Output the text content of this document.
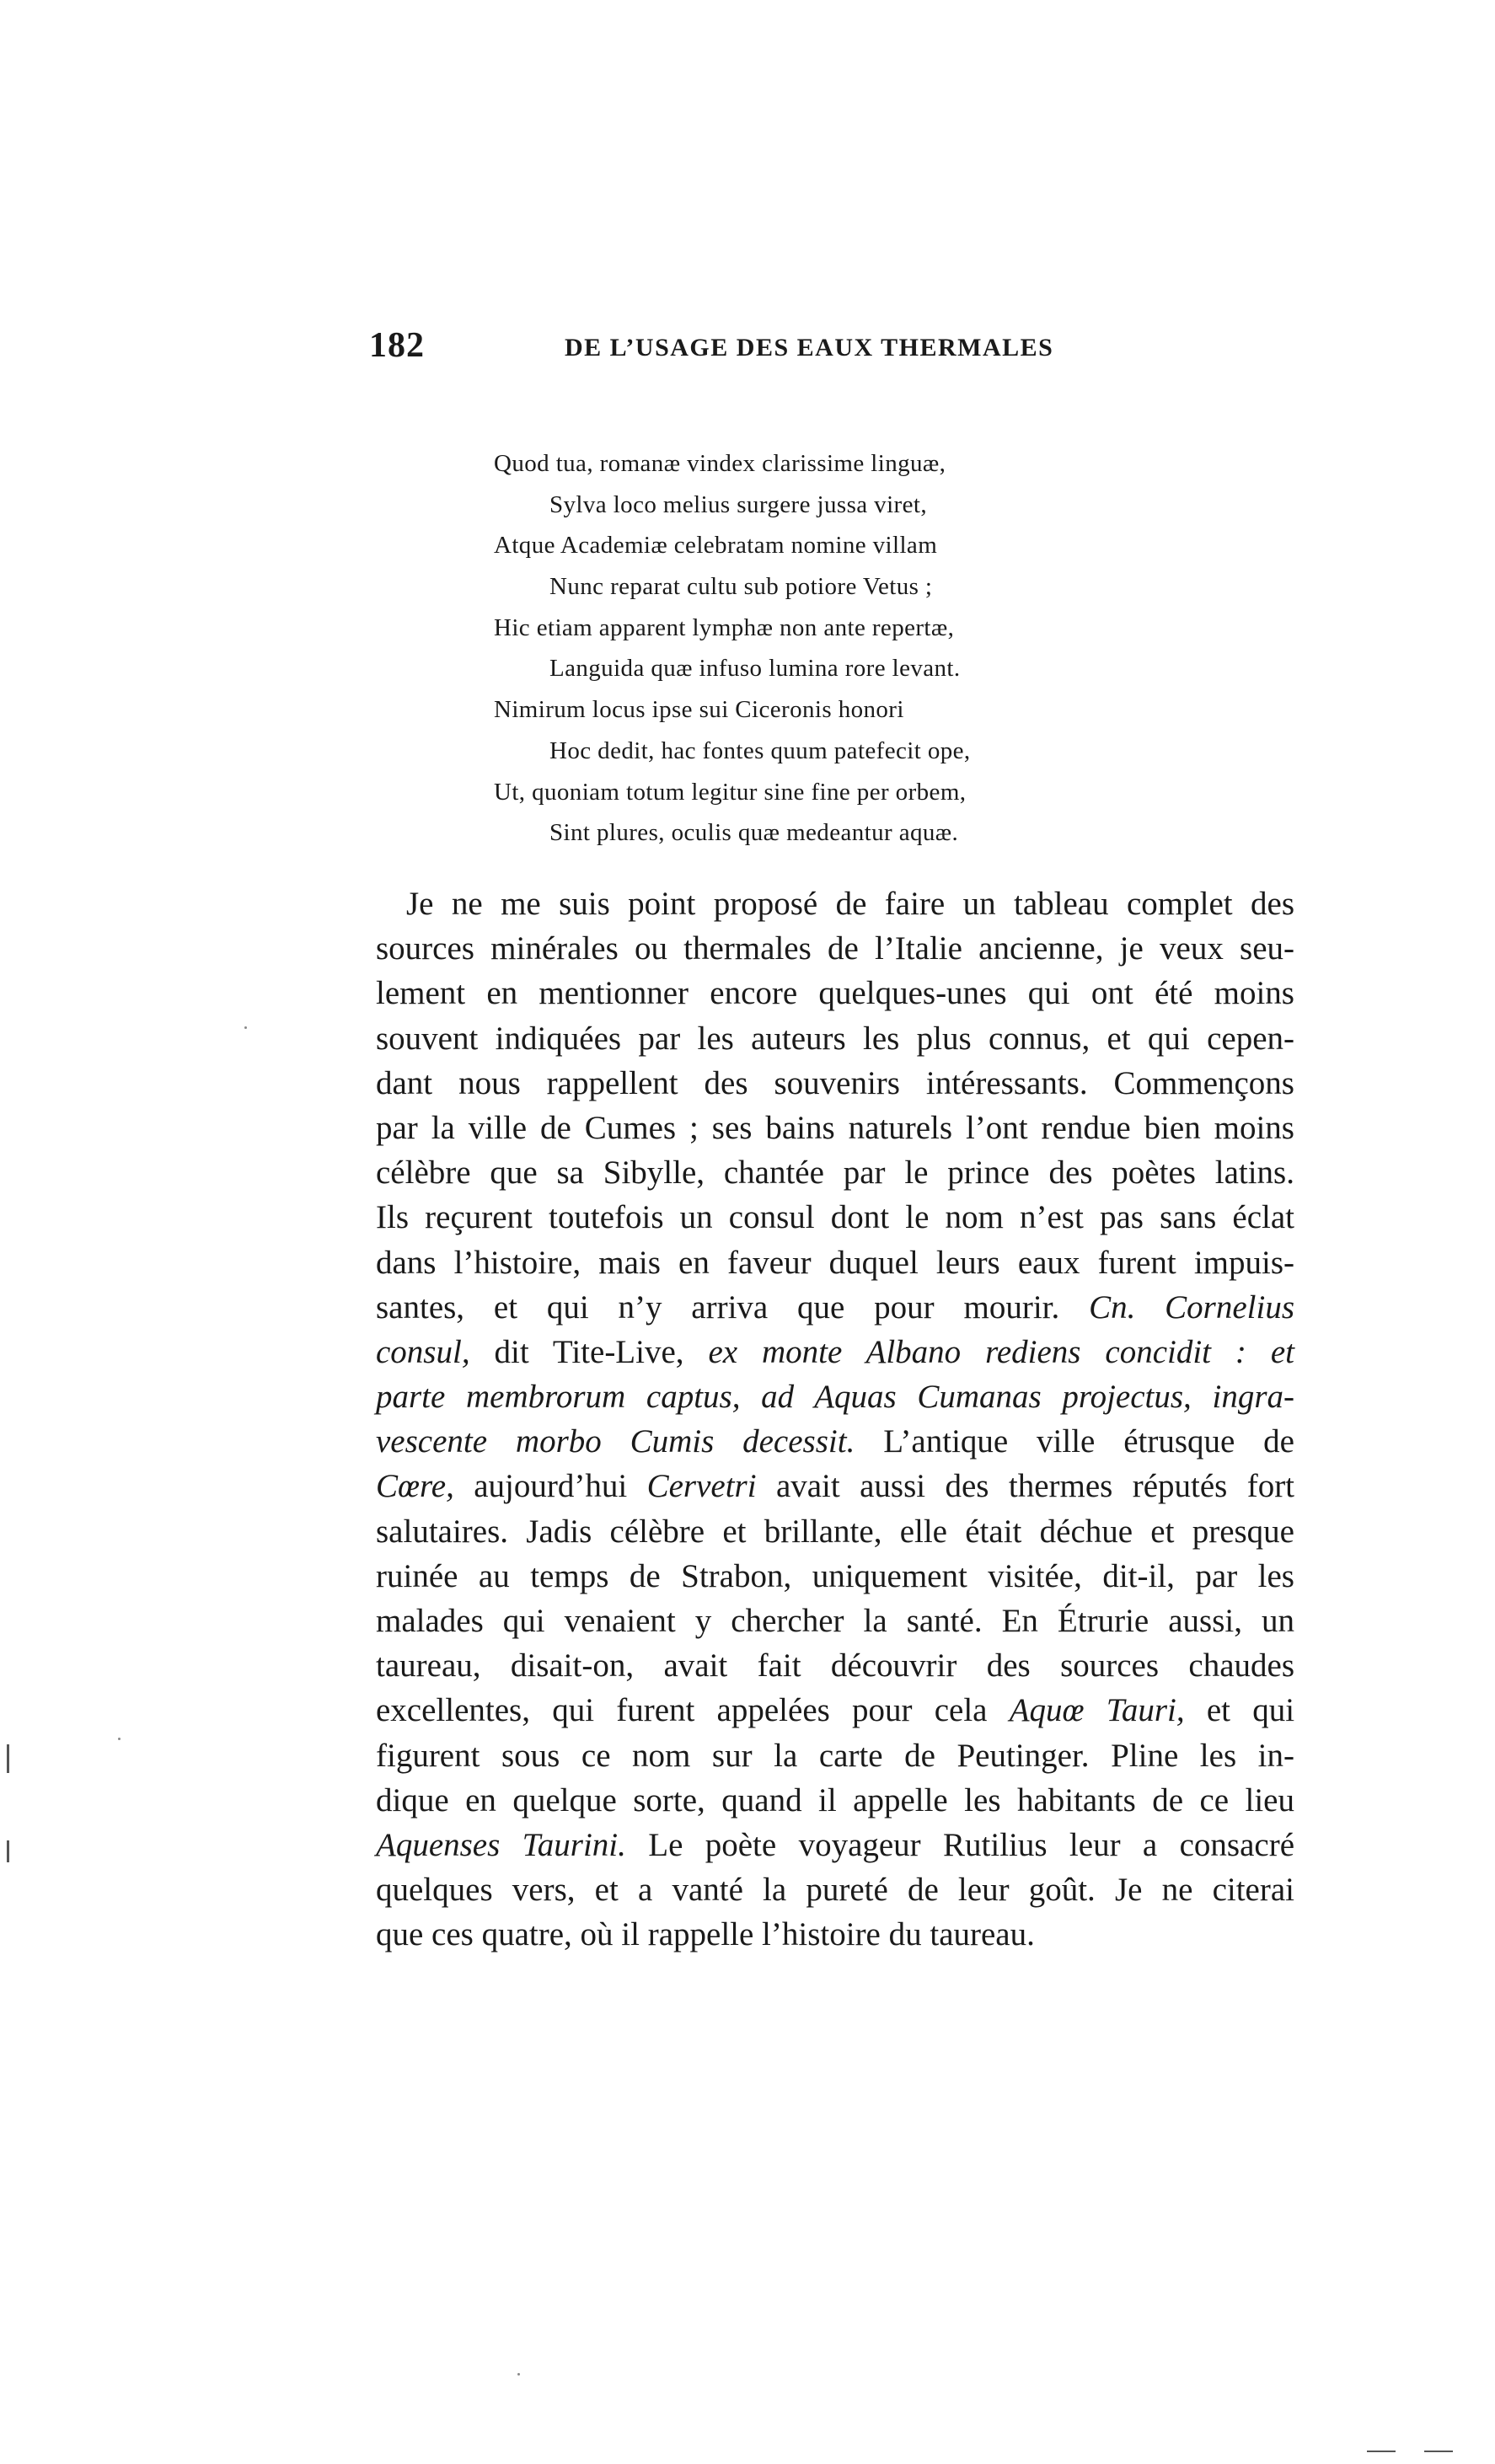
182	DE L’USAGE DES EAUX THERMALES
Quod tua, romanæ vindex clarissime linguæ,
Sylva loco melius surgere jussa viret,
Atque Academiæ celebratam nomine villam
Nunc reparat cultu sub potiore Vetus ;
Hic etiam apparent lymphæ non ante repertæ,
Languida quæ infuso lumina rore levant.
Nimirum locus ipse sui Ciceronis honori
Hoc dedit, hac fontes quum patefecit ope,
Ut, quoniam totum legitur sine fine per orbem,
Sint plures, oculis quæ medeantur aquæ.
Je ne me suis point proposé de faire un tableau complet des
sources minérales ou thermales de l’Italie ancienne, je veux seu-
lement en mentionner encore quelques-unes qui ont été moins
souvent indiquées par les auteurs les plus connus, et qui cepen-
dant nous rappellent des souvenirs intéressants. Commençons
par la ville de Cumes ; ses bains naturels l’ont rendue bien moins
célèbre que sa Sibylle, chantée par le prince des poètes latins.
Ils reçurent toutefois un consul dont le nom n’est pas sans éclat
dans l’histoire, mais en faveur duquel leurs eaux furent impuis-
santes, et qui n’y arriva que pour mourir. Cn. Cornelius
consul, dit Tite-Live, ex monte Albano rediens concidit : et
parte membrorum captus, ad Aquas Cumanas projectus, ingra-
vescente morbo Cumis decessit. L’antique ville étrusque de
Cœre, aujourd’hui Cervetri avait aussi des thermes réputés fort
salutaires. Jadis célèbre et brillante, elle était déchue et presque
ruinée au temps de Strabon, uniquement visitée, dit-il, par les
malades qui venaient y chercher la santé. En Étrurie aussi, un
taureau, disait-on, avait fait découvrir des sources chaudes
excellentes, qui furent appelées pour cela Aquœ Tauri, et qui
figurent sous ce nom sur la carte de Peutinger. Pline les in-
dique en quelque sorte, quand il appelle les habitants de ce lieu
Aquenses Taurini. Le poète voyageur Rutilius leur a consacré
quelques vers, et a vanté la pureté de leur goût. Je ne citerai
que ces quatre, où il rappelle l’histoire du taureau.
